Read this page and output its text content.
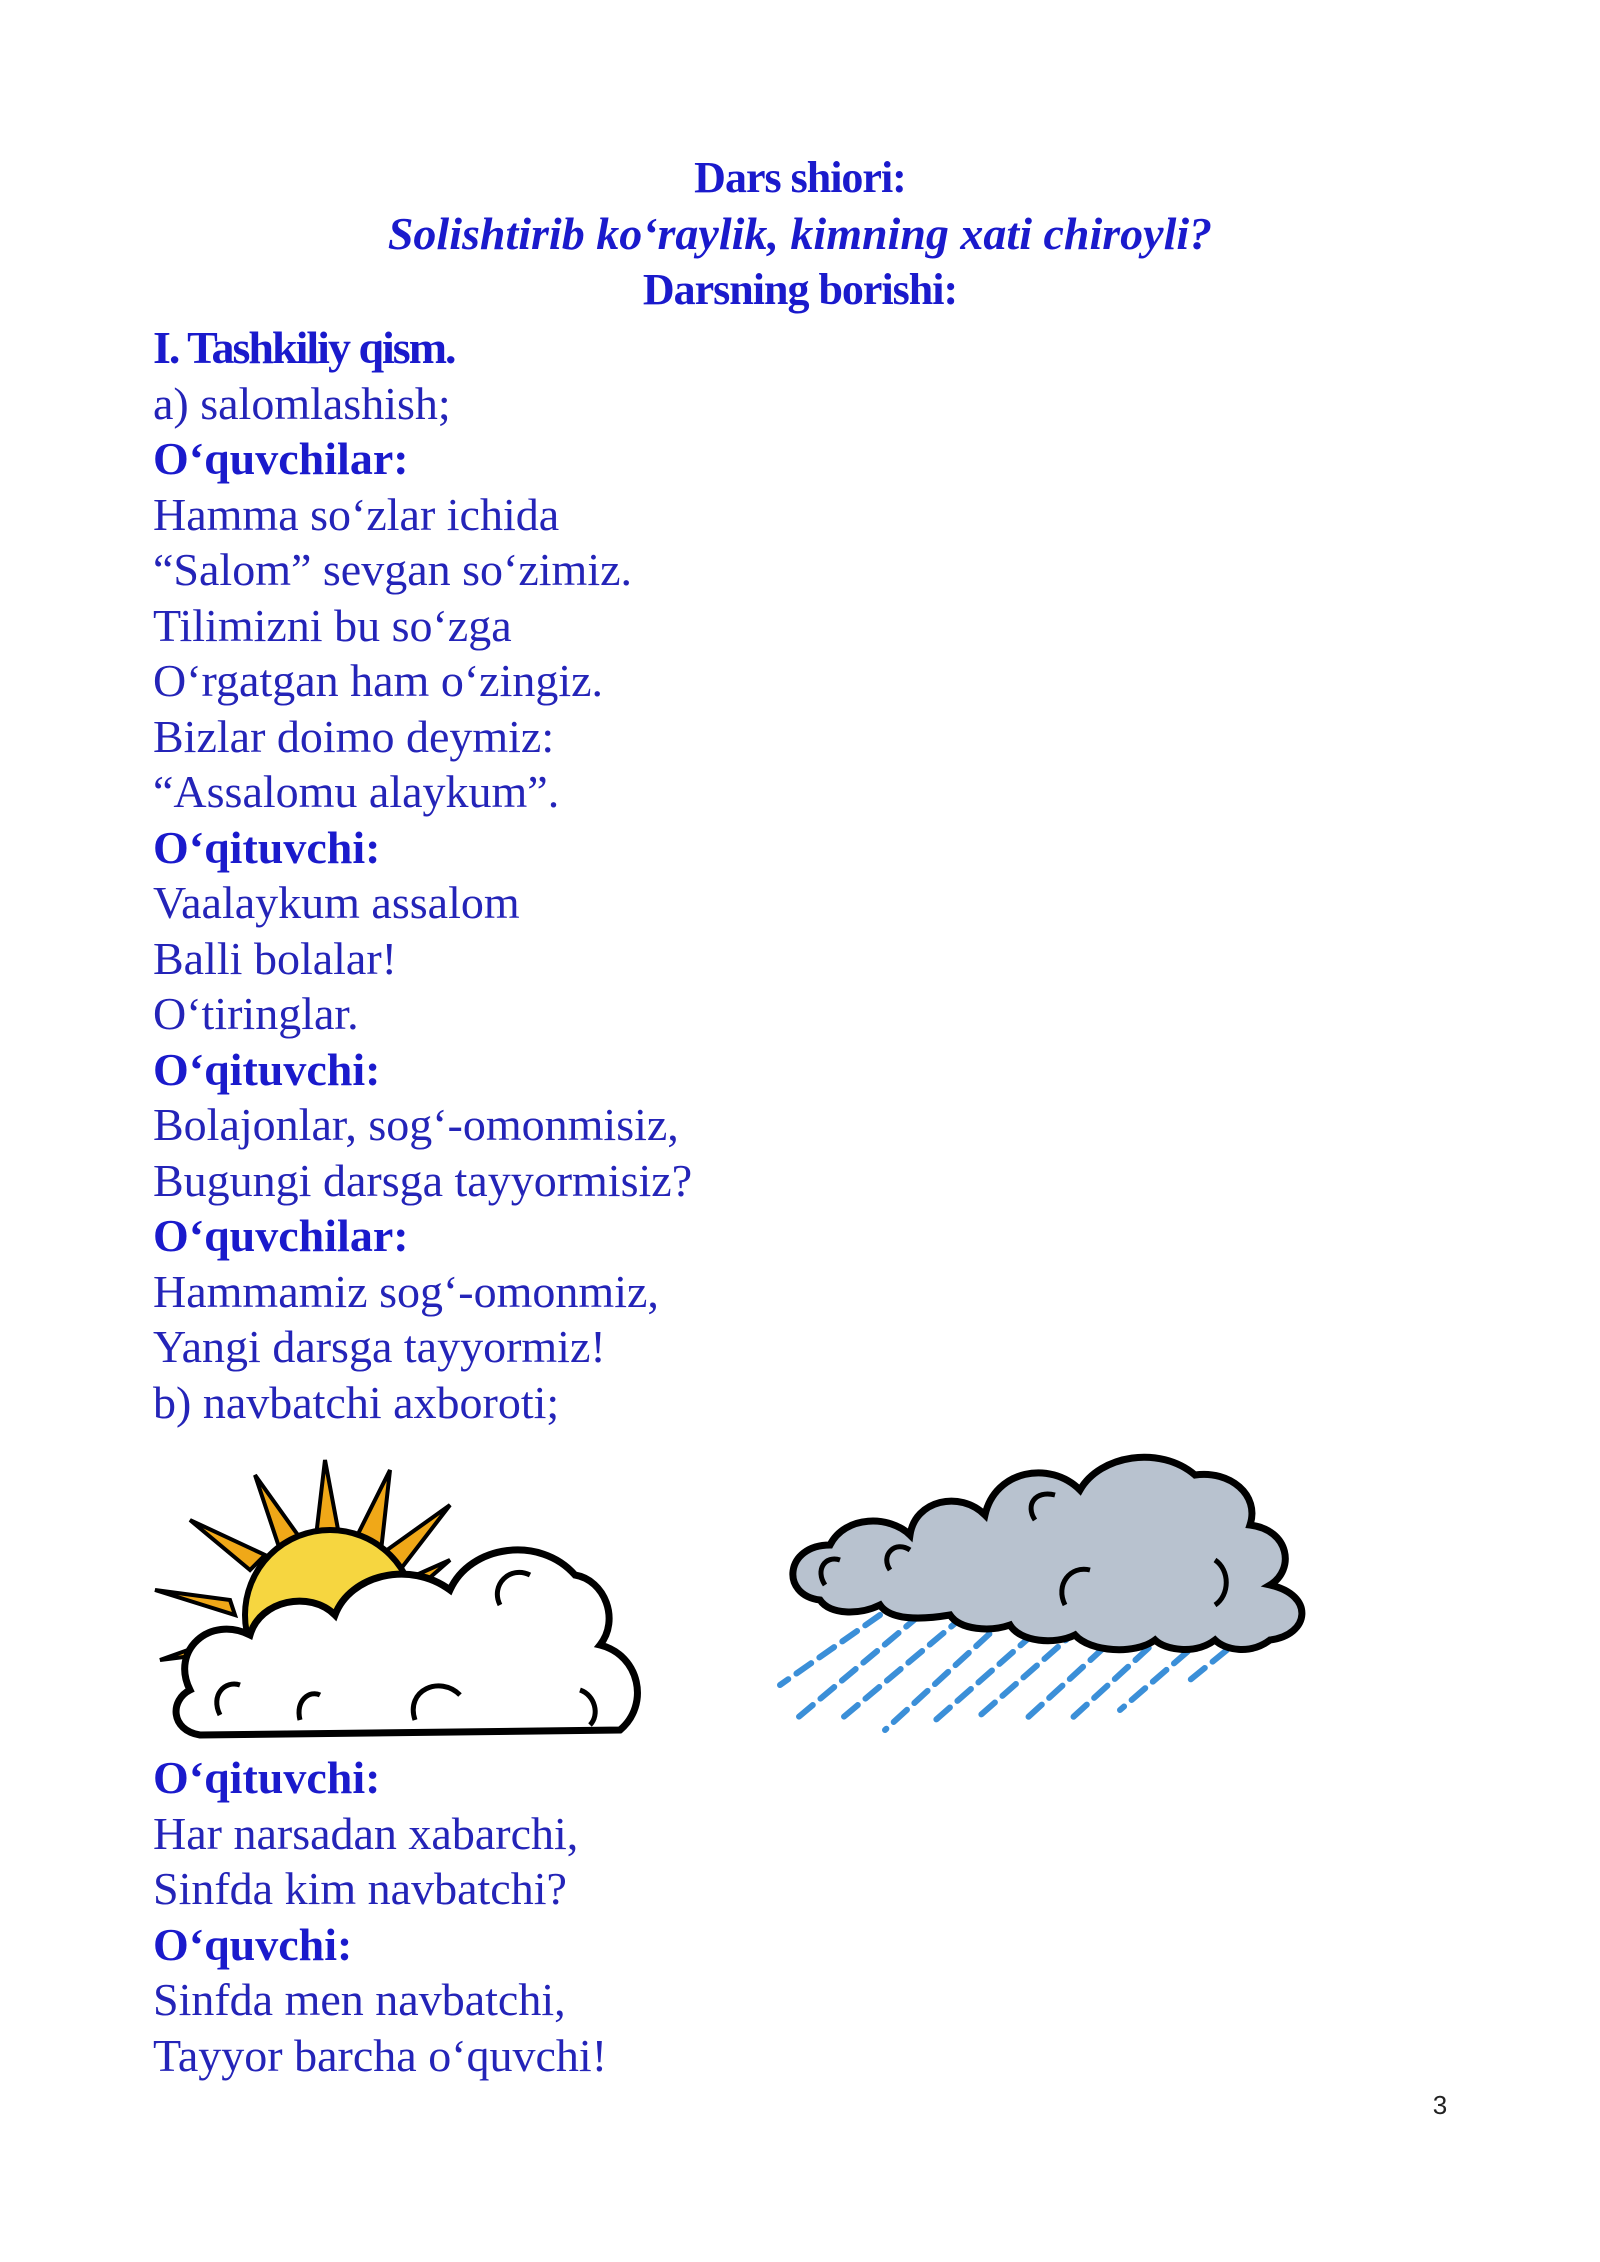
Dars shiori:
Solishtirib ko‘raylik, kimning xati chiroyli?
Darsning borishi:
I. Tashkiliy qism.
a) salomlashish;
O‘quvchilar:
Hamma so‘zlar ichida
“Salom” sevgan so‘zimiz.
Tilimizni bu so‘zga
O‘rgatgan ham o‘zingiz.
Bizlar doimo deymiz:
“Assalomu alaykum”.
O‘qituvchi:
Vaalaykum assalom
Balli bolalar!
O‘tiringlar.
O‘qituvchi:
Bolajonlar, sog‘-omonmisiz,
Bugungi darsga tayyormisiz?
O‘quvchilar:
Hammamiz sog‘-omonmiz,
Yangi darsga tayyormiz!
b) navbatchi axboroti;
O‘qituvchi:
Har narsadan xabarchi,
Sinfda kim navbatchi?
O‘quvchi:
Sinfda men navbatchi,
Tayyor barcha o‘quvchi!
3
